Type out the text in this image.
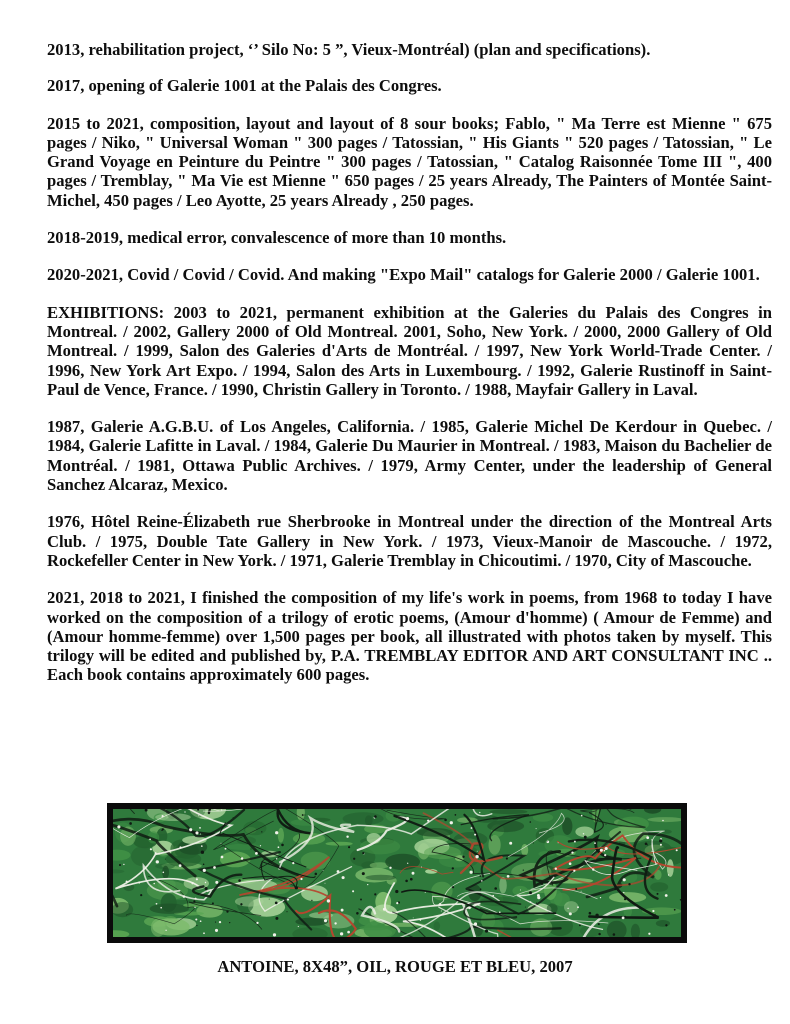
2013, rehabilitation project, ‘’ Silo No: 5 ”, Vieux-Montréal) (plan and specifications).

2017, opening of Galerie 1001 at the Palais des Congres.

2015 to 2021, composition, layout and layout of 8 sour books; Fablo, " Ma Terre est Mienne " 675 pages / Niko, " Universal Woman " 300 pages / Tatossian, " His Giants " 520 pages / Tatossian, " Le Grand Voyage en Peinture du Peintre " 300 pages / Tatossian, " Catalog Raisonnée Tome III ", 400 pages / Tremblay, " Ma Vie est Mienne " 650 pages / 25 years Already, The Painters of Montée Saint-Michel, 450 pages / Leo Ayotte, 25 years Already , 250 pages.

2018-2019, medical error, convalescence of more than 10 months.

2020-2021, Covid / Covid / Covid. And making "Expo Mail" catalogs for Galerie 2000 / Galerie 1001.

EXHIBITIONS: 2003 to 2021, permanent exhibition at the Galeries du Palais des Congres in Montreal. / 2002, Gallery 2000 of Old Montreal. 2001, Soho, New York. / 2000, 2000 Gallery of Old Montreal. / 1999, Salon des Galeries d'Arts de Montréal. / 1997, New York World-Trade Center. / 1996, New York Art Expo. / 1994, Salon des Arts in Luxembourg. / 1992, Galerie Rustinoff in Saint-Paul de Vence, France. / 1990, Christin Gallery in Toronto. / 1988, Mayfair Gallery in Laval.

1987, Galerie A.G.B.U. of Los Angeles, California. / 1985, Galerie Michel De Kerdour in Quebec. / 1984, Galerie Lafitte in Laval. / 1984, Galerie Du Maurier in Montreal. / 1983, Maison du Bachelier de Montréal. / 1981, Ottawa Public Archives. / 1979, Army Center, under the leadership of General Sanchez Alcaraz, Mexico.

1976, Hôtel Reine-Élizabeth rue Sherbrooke in Montreal under the direction of the Montreal Arts Club. / 1975, Double Tate Gallery in New York. / 1973, Vieux-Manoir de Mascouche. / 1972, Rockefeller Center in New York. / 1971, Galerie Tremblay in Chicoutimi. / 1970, City of Mascouche.

2021, 2018 to 2021, I finished the composition of my life's work in poems, from 1968 to today I have worked on the composition of a trilogy of erotic poems, (Amour d'homme) ( Amour de Femme) and (Amour homme-femme) over 1,500 pages per book, all illustrated with photos taken by myself. This trilogy will be edited and published by, P.A. TREMBLAY EDITOR AND ART CONSULTANT INC .. Each book contains approximately 600 pages.

ANTOINE, 8X48”, OIL, ROUGE ET BLEU, 2007
